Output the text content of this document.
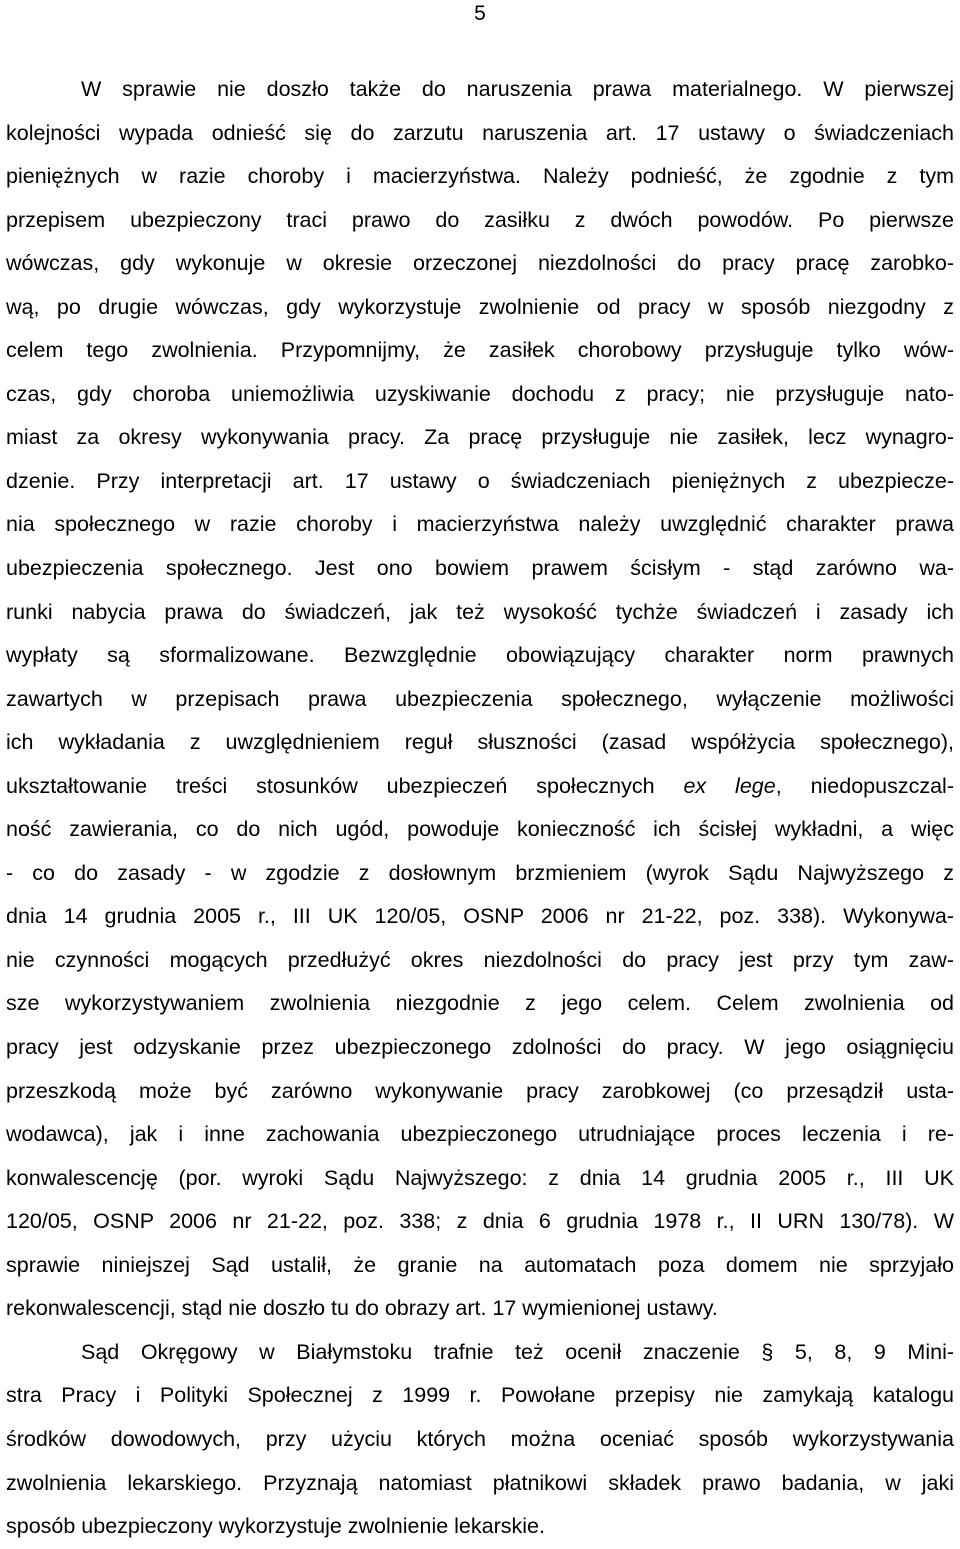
5
W sprawie nie doszło także do naruszenia prawa materialnego. W pierwszej
kolejności wypada odnieść się do zarzutu naruszenia art. 17 ustawy o świadczeniach
pieniężnych w razie choroby i macierzyństwa. Należy podnieść, że zgodnie z tym
przepisem ubezpieczony traci prawo do zasiłku z dwóch powodów. Po pierwsze
wówczas, gdy wykonuje w okresie orzeczonej niezdolności do pracy pracę zarobko-
wą, po drugie wówczas, gdy wykorzystuje zwolnienie od pracy w sposób niezgodny z
celem tego zwolnienia. Przypomnijmy, że zasiłek chorobowy przysługuje tylko wów-
czas, gdy choroba uniemożliwia uzyskiwanie dochodu z pracy; nie przysługuje nato-
miast za okresy wykonywania pracy. Za pracę przysługuje nie zasiłek, lecz wynagro-
dzenie. Przy interpretacji art. 17 ustawy o świadczeniach pieniężnych z ubezpiecze-
nia społecznego w razie choroby i macierzyństwa należy uwzględnić charakter prawa
ubezpieczenia społecznego. Jest ono bowiem prawem ścisłym - stąd zarówno wa-
runki nabycia prawa do świadczeń, jak też wysokość tychże świadczeń i zasady ich
wypłaty są sformalizowane. Bezwzględnie obowiązujący charakter norm prawnych
zawartych w przepisach prawa ubezpieczenia społecznego, wyłączenie możliwości
ich wykładania z uwzględnieniem reguł słuszności (zasad współżycia społecznego),
ukształtowanie treści stosunków ubezpieczeń społecznych ex lege, niedopuszczal-
ność zawierania, co do nich ugód, powoduje konieczność ich ścisłej wykładni, a więc
- co do zasady - w zgodzie z dosłownym brzmieniem (wyrok Sądu Najwyższego z
dnia 14 grudnia 2005 r., III UK 120/05, OSNP 2006 nr 21-22, poz. 338). Wykonywa-
nie czynności mogących przedłużyć okres niezdolności do pracy jest przy tym zaw-
sze wykorzystywaniem zwolnienia niezgodnie z jego celem. Celem zwolnienia od
pracy jest odzyskanie przez ubezpieczonego zdolności do pracy. W jego osiągnięciu
przeszkodą może być zarówno wykonywanie pracy zarobkowej (co przesądził usta-
wodawca), jak i inne zachowania ubezpieczonego utrudniające proces leczenia i re-
konwalescencję (por. wyroki Sądu Najwyższego: z dnia 14 grudnia 2005 r., III UK
120/05, OSNP 2006 nr 21-22, poz. 338; z dnia 6 grudnia 1978 r., II URN 130/78). W
sprawie niniejszej Sąd ustalił, że granie na automatach poza domem nie sprzyjało
rekonwalescencji, stąd nie doszło tu do obrazy art. 17 wymienionej ustawy.
Sąd Okręgowy w Białymstoku trafnie też ocenił znaczenie § 5, 8, 9 Mini-
stra Pracy i Polityki Społecznej z 1999 r. Powołane przepisy nie zamykają katalogu
środków dowodowych, przy użyciu których można oceniać sposób wykorzystywania
zwolnienia lekarskiego. Przyznają natomiast płatnikowi składek prawo badania, w jaki
sposób ubezpieczony wykorzystuje zwolnienie lekarskie.
